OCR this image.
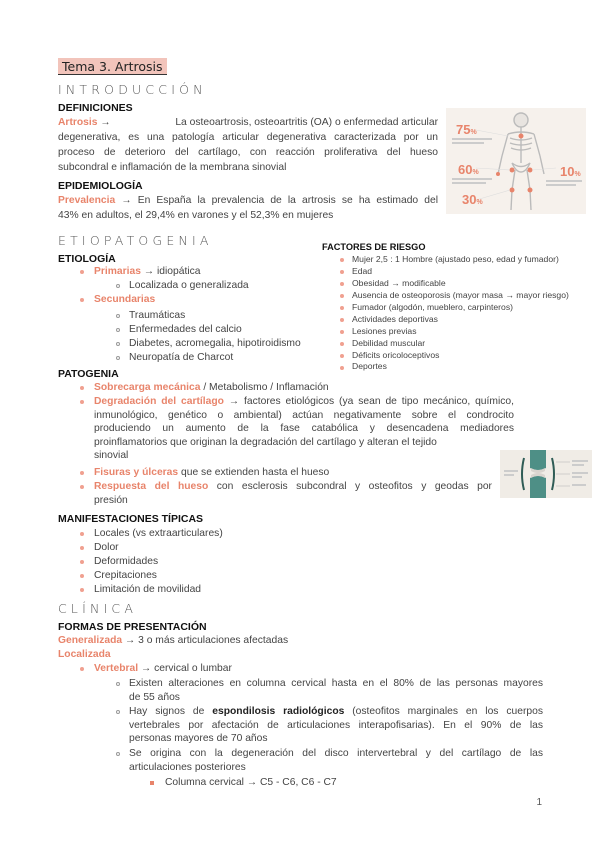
Tema 3. Artrosis
INTRODUCCIÓN
DEFINICIONES
Artrosis →	La osteoartrosis, osteoartritis (OA) o enfermedad articular
degenerativa, es una patología articular degenerativa caracterizada por un
proceso de deterioro del cartílago, con reacción proliferativa del hueso
subcondral e inflamación de la membrana sinovial
EPIDEMIOLOGÍA
Prevalencia → En España la prevalencia de la artrosis se ha estimado del
43% en adultos, el 29,4% en varones y el 52,3% en mujeres
75%
60%
30%
10%
ETIOPATOGENIA
ETIOLOGÍA
Primarias → idiopática
Localizada o generalizada
Secundarias
Traumáticas
Enfermedades del calcio
Diabetes, acromegalia, hipotiroidismo
Neuropatía de Charcot
FACTORES DE RIESGO
Mujer 2,5 : 1 Hombre (ajustado peso, edad y fumador)
Edad
Obesidad → modificable
Ausencia de osteoporosis (mayor masa → mayor riesgo)
Fumador (algodón, mueblero, carpinteros)
Actividades deportivas
Lesiones previas
Debilidad muscular
Déficits oricoloceptivos
Deportes
PATOGENIA
Sobrecarga mecánica / Metabolismo / Inflamación
Degradación del cartílago → factores etiológicos (ya sean de tipo mecánico, químico,
inmunológico, genético o ambiental) actúan negativamente sobre el condrocito
produciendo un aumento de la fase catabólica y desencadena mediadores
proinflamatorios que originan la degradación del cartílago y alteran el tejido
sinovial
Fisuras y úlceras que se extienden hasta el hueso
Respuesta del hueso con esclerosis subcondral y osteofitos y geodas por
presión
MANIFESTACIONES TÍPICAS
Locales (vs extraarticulares)
Dolor
Deformidades
Crepitaciones
Limitación de movilidad
CLÍNICA
FORMAS DE PRESENTACIÓN
Generalizada → 3 o más articulaciones afectadas
Localizada
Vertebral → cervical o lumbar
Existen alteraciones en columna cervical hasta en el 80% de las personas mayores
de 55 años
Hay signos de espondilosis radiológicos (osteofitos marginales en los cuerpos
vertebrales por afectación de articulaciones interapofisarias). En el 90% de las
personas mayores de 70 años
Se origina con la degeneración del disco intervertebral y del cartílago de las
articulaciones posteriores
Columna cervical → C5 - C6, C6 - C7
1
